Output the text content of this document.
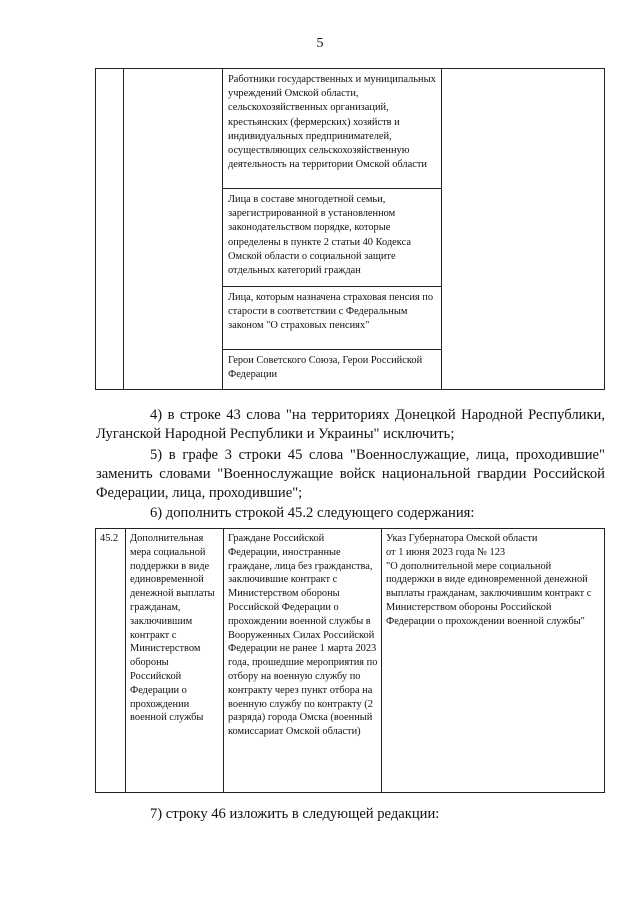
5

Работники государственных и муниципальных учреждений Омской области, сельскохозяйственных организаций, крестьянских (фермерских) хозяйств и индивидуальных предпринимателей, осуществляющих сельскохозяйственную деятельность на территории Омской области

Лица в составе многодетной семьи, зарегистрированной в установленном законодательством порядке, которые определены в пункте 2 статьи 40 Кодекса Омской области о социальной защите отдельных категорий граждан

Лица, которым назначена страховая пенсия по старости в соответствии с Федеральным законом "О страховых пенсиях"

Герои Советского Союза, Герои Российской Федерации
4) в строке 43 слова "на территориях Донецкой Народной Республики,
Луганской Народной Республики и Украины" исключить;
5) в графе 3 строки 45 слова "Военнослужащие, лица, проходившие"
заменить словами "Военнослужащие войск национальной гвардии Российской
Федерации, лица, проходившие";
6) дополнить строкой 45.2 следующего содержания:
45.2	Дополнительная мера социальной поддержки в виде единовременной денежной выплаты гражданам, заключившим контракт с Министерством обороны Российской Федерации о прохождении военной службы

Граждане Российской Федерации, иностранные граждане, лица без гражданства, заключившие контракт с Министерством обороны Российской Федерации о прохождении военной службы в Вооруженных Силах Российской Федерации не ранее 1 марта 2023 года, прошедшие мероприятия по отбору на военную службу по контракту через пункт отбора на военную службу по контракту (2 разряда) города Омска (военный комиссариат Омской области)

Указ Губернатора Омской области
от 1 июня 2023 года № 123
"О дополнительной мере социальной поддержки в виде единовременной денежной выплаты гражданам, заключившим контракт с Министерством обороны Российской Федерации о прохождении военной службы"
7) строку 46 изложить в следующей редакции:
